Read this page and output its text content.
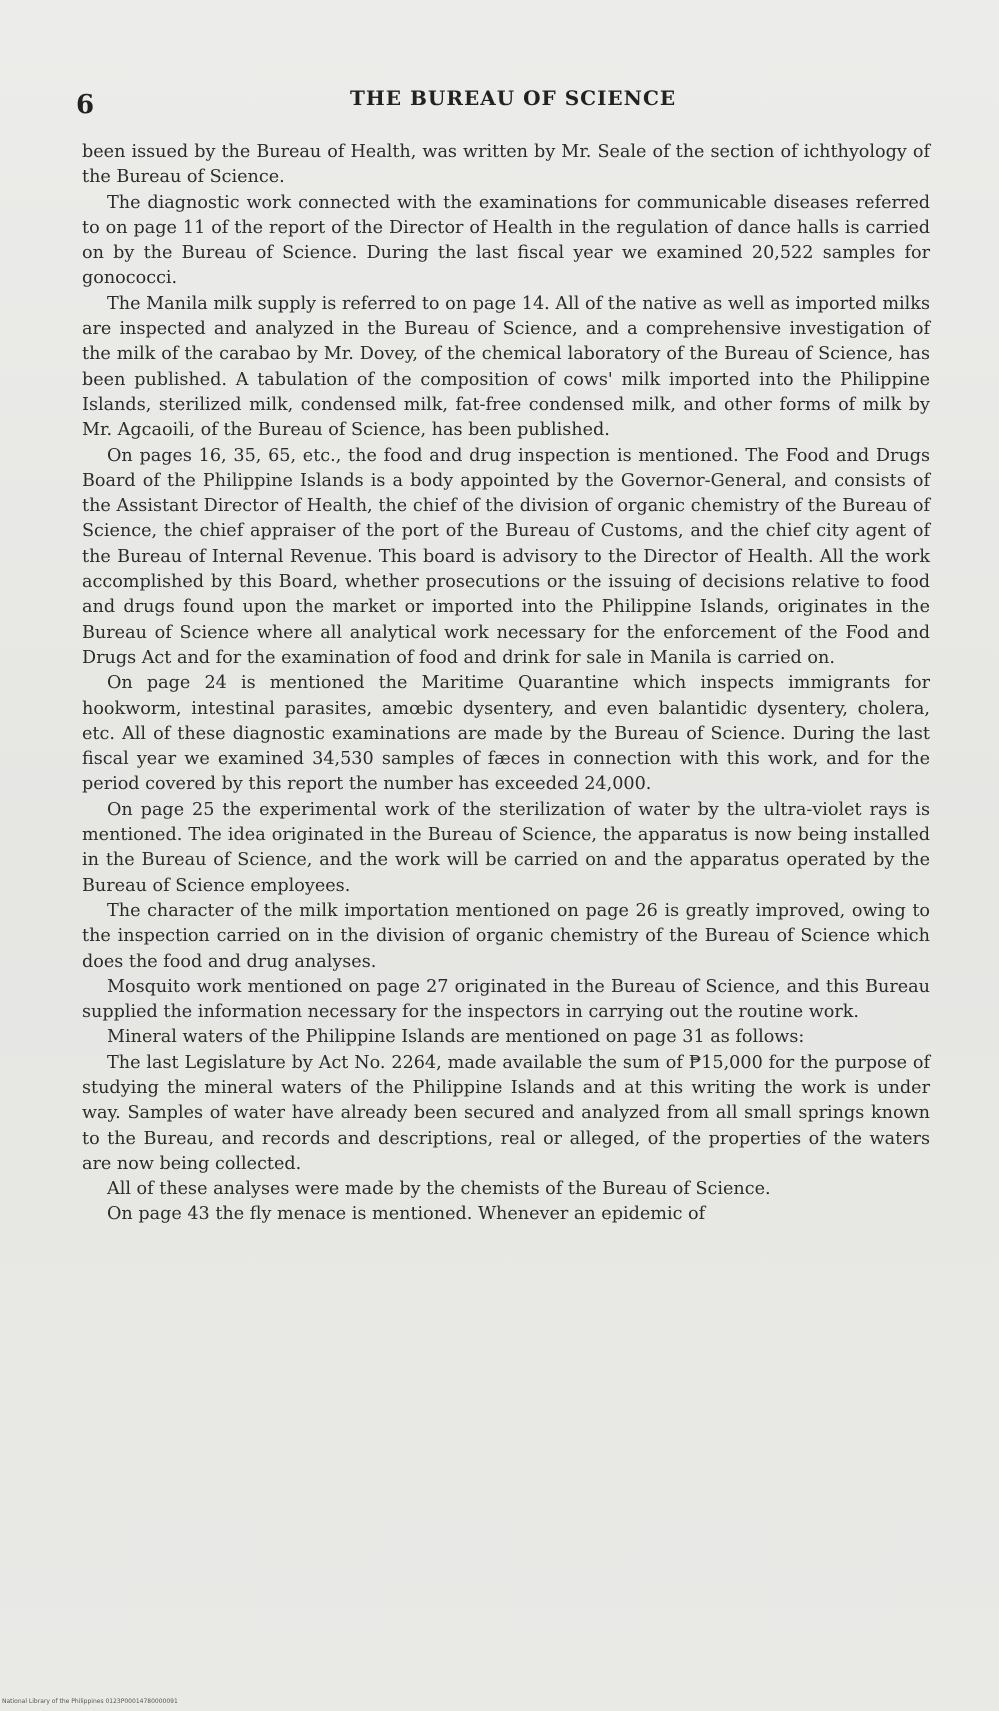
6	THE BUREAU OF SCIENCE

been issued by the Bureau of Health, was written by Mr. Seale of the section of ichthyology of the Bureau of Science.

The diagnostic work connected with the examinations for communicable diseases referred to on page 11 of the report of the Director of Health in the regulation of dance halls is carried on by the Bureau of Science. During the last fiscal year we examined 20,522 samples for gonococci.

The Manila milk supply is referred to on page 14. All of the native as well as imported milks are inspected and analyzed in the Bureau of Science, and a comprehensive investigation of the milk of the carabao by Mr. Dovey, of the chemical laboratory of the Bureau of Science, has been published. A tabulation of the composition of cows' milk imported into the Philippine Islands, sterilized milk, condensed milk, fat-free condensed milk, and other forms of milk by Mr. Agcaoili, of the Bureau of Science, has been published.

On pages 16, 35, 65, etc., the food and drug inspection is mentioned. The Food and Drugs Board of the Philippine Islands is a body appointed by the Governor-General, and consists of the Assistant Director of Health, the chief of the division of organic chemistry of the Bureau of Science, the chief appraiser of the port of the Bureau of Customs, and the chief city agent of the Bureau of Internal Revenue. This board is advisory to the Director of Health. All the work accomplished by this Board, whether prosecutions or the issuing of decisions relative to food and drugs found upon the market or imported into the Philippine Islands, originates in the Bureau of Science where all analytical work necessary for the enforcement of the Food and Drugs Act and for the examination of food and drink for sale in Manila is carried on.

On page 24 is mentioned the Maritime Quarantine which inspects immigrants for hookworm, intestinal parasites, amœbic dysentery, and even balantidic dysentery, cholera, etc. All of these diagnostic examinations are made by the Bureau of Science. During the last fiscal year we examined 34,530 samples of fæces in connection with this work, and for the period covered by this report the number has exceeded 24,000.

On page 25 the experimental work of the sterilization of water by the ultra-violet rays is mentioned. The idea originated in the Bureau of Science, the apparatus is now being installed in the Bureau of Science, and the work will be carried on and the apparatus operated by the Bureau of Science employees.

The character of the milk importation mentioned on page 26 is greatly improved, owing to the inspection carried on in the division of organic chemistry of the Bureau of Science which does the food and drug analyses.

Mosquito work mentioned on page 27 originated in the Bureau of Science, and this Bureau supplied the information necessary for the inspectors in carrying out the routine work.

Mineral waters of the Philippine Islands are mentioned on page 31 as follows:

The last Legislature by Act No. 2264, made available the sum of ₱15,000 for the purpose of studying the mineral waters of the Philippine Islands and at this writing the work is under way. Samples of water have already been secured and analyzed from all small springs known to the Bureau, and records and descriptions, real or alleged, of the properties of the waters are now being collected.

All of these analyses were made by the chemists of the Bureau of Science.

On page 43 the fly menace is mentioned. Whenever an epidemic of

National Library of the Philippines 0123P00014780000091
